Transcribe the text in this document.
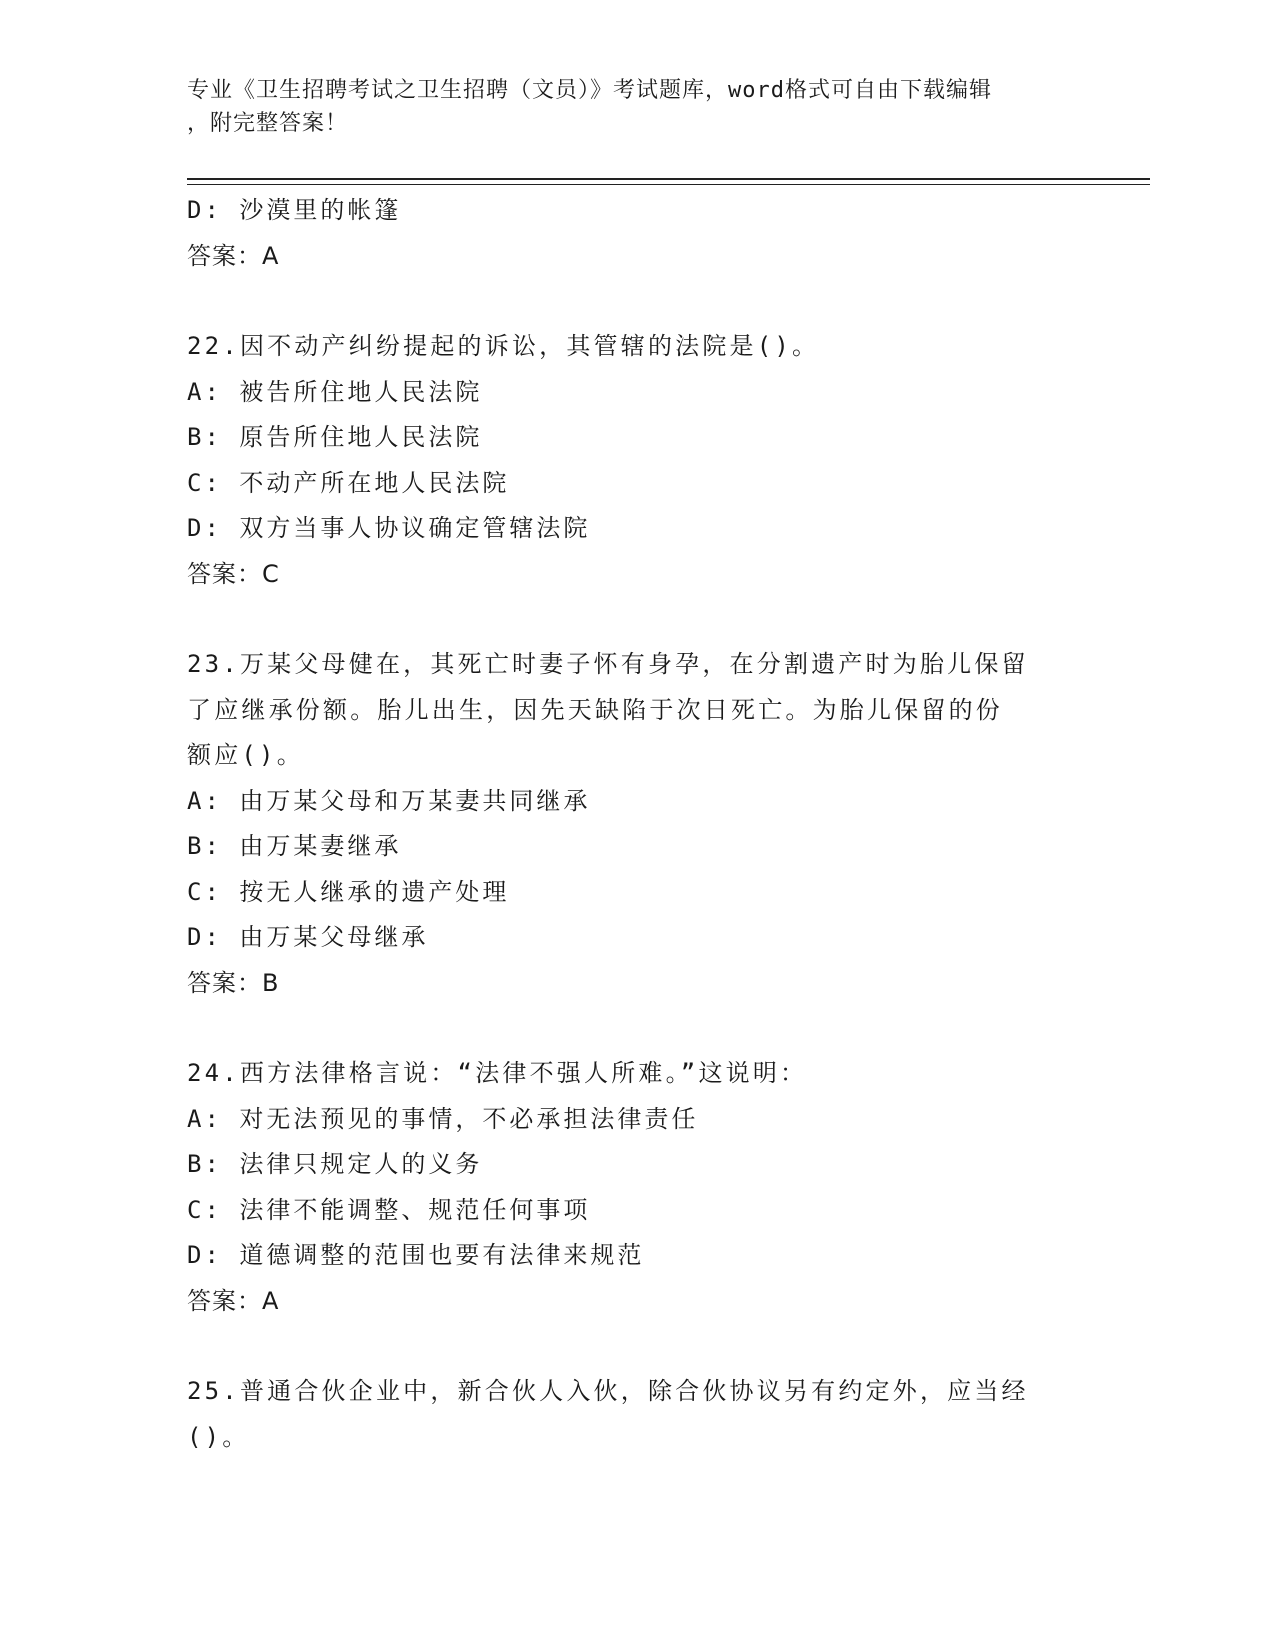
专业《卫生招聘考试之卫生招聘（文员）》考试题库，word格式可自由下载编辑
，附完整答案！
D: 沙漠里的帐篷
答案：A
22.因不动产纠纷提起的诉讼，其管辖的法院是()。
A: 被告所住地人民法院
B: 原告所住地人民法院
C: 不动产所在地人民法院
D: 双方当事人协议确定管辖法院
答案：C
23.万某父母健在，其死亡时妻子怀有身孕，在分割遗产时为胎儿保留
了应继承份额。胎儿出生，因先天缺陷于次日死亡。为胎儿保留的份
额应()。
A: 由万某父母和万某妻共同继承
B: 由万某妻继承
C: 按无人继承的遗产处理
D: 由万某父母继承
答案：B
24.西方法律格言说：“法律不强人所难。”这说明：
A: 对无法预见的事情，不必承担法律责任
B: 法律只规定人的义务
C: 法律不能调整、规范任何事项
D: 道德调整的范围也要有法律来规范
答案：A
25.普通合伙企业中，新合伙人入伙，除合伙协议另有约定外，应当经
()。
